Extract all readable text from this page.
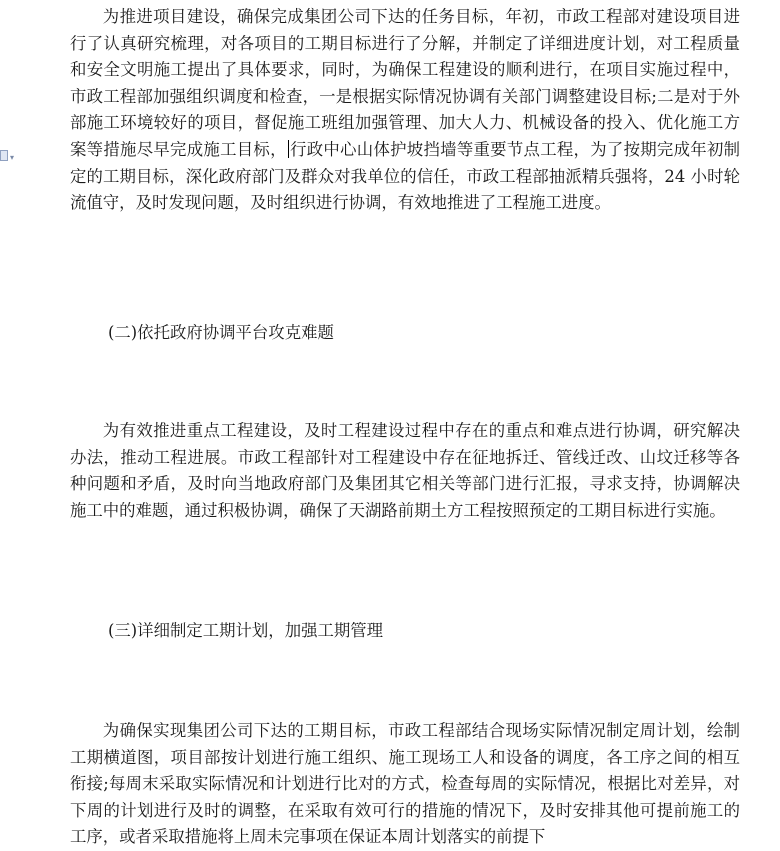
▾

为推进项目建设，确保完成集团公司下达的任务目标，年初，市政工程部对建设项目进行了认真研究梳理，对各项目的工期目标进行了分解，并制定了详细进度计划，对工程质量和安全文明施工提出了具体要求，同时，为确保工程建设的顺利进行，在项目实施过程中，市政工程部加强组织调度和检查，一是根据实际情况协调有关部门调整建设目标;二是对于外部施工环境较好的项目，督促施工班组加强管理、加大人力、机械设备的投入、优化施工方案等措施尽早完成施工目标， 行政中心山体护坡挡墙等重要节点工程，为了按期完成年初制定的工期目标，深化政府部门及群众对我单位的信任，市政工程部抽派精兵强将，24 小时轮流值守，及时发现问题，及时组织进行协调，有效地推进了工程施工进度。

(二)依托政府协调平台攻克难题

为有效推进重点工程建设，及时工程建设过程中存在的重点和难点进行协调，研究解决办法，推动工程进展。市政工程部针对工程建设中存在征地拆迁、管线迁改、山坟迁移等各种问题和矛盾，及时向当地政府部门及集团其它相关等部门进行汇报，寻求支持，协调解决施工中的难题，通过积极协调，确保了天湖路前期土方工程按照预定的工期目标进行实施。

(三)详细制定工期计划，加强工期管理

为确保实现集团公司下达的工期目标，市政工程部结合现场实际情况制定周计划，绘制工期横道图，项目部按计划进行施工组织、施工现场工人和设备的调度，各工序之间的相互衔接;每周末采取实际情况和计划进行比对的方式，检查每周的实际情况，根据比对差异，对下周的计划进行及时的调整，在采取有效可行的措施的情况下，及时安排其他可提前施工的工序，或者采取措施将上周未完事项在保证本周计划落实的前提下
